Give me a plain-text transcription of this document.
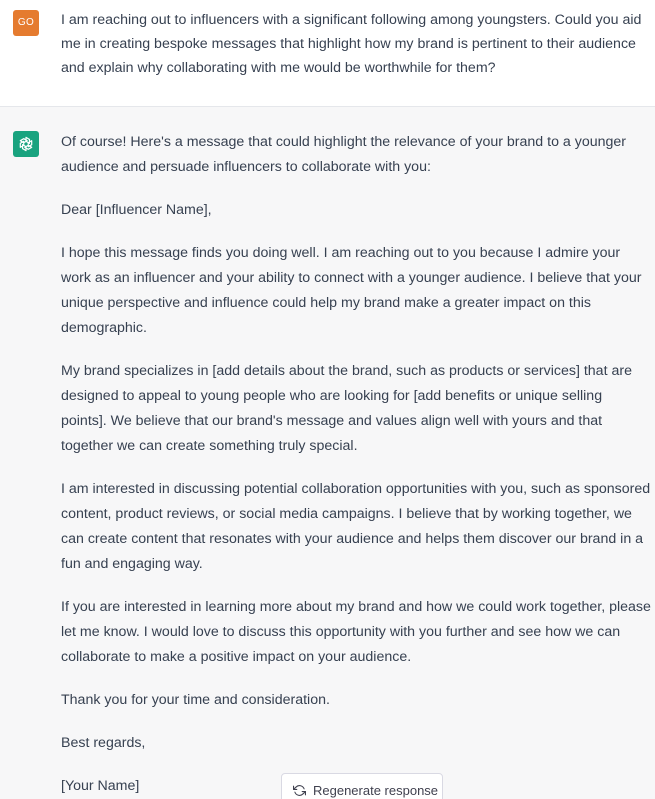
GO	I am reaching out to influencers with a significant following among youngsters. Could you aid me in creating bespoke messages that highlight how my brand is pertinent to their audience and explain why collaborating with me would be worthwhile for them?

Of course! Here's a message that could highlight the relevance of your brand to a younger audience and persuade influencers to collaborate with you:

Dear [Influencer Name],

I hope this message finds you doing well. I am reaching out to you because I admire your work as an influencer and your ability to connect with a younger audience. I believe that your unique perspective and influence could help my brand make a greater impact on this demographic.

My brand specializes in [add details about the brand, such as products or services] that are designed to appeal to young people who are looking for [add benefits or unique selling points]. We believe that our brand's message and values align well with yours and that together we can create something truly special.

I am interested in discussing potential collaboration opportunities with you, such as sponsored content, product reviews, or social media campaigns. I believe that by working together, we can create content that resonates with your audience and helps them discover our brand in a fun and engaging way.

If you are interested in learning more about my brand and how we could work together, please let me know. I would love to discuss this opportunity with you further and see how we can collaborate to make a positive impact on your audience.

Thank you for your time and consideration.

Best regards,

[Your Name]	Regenerate response
